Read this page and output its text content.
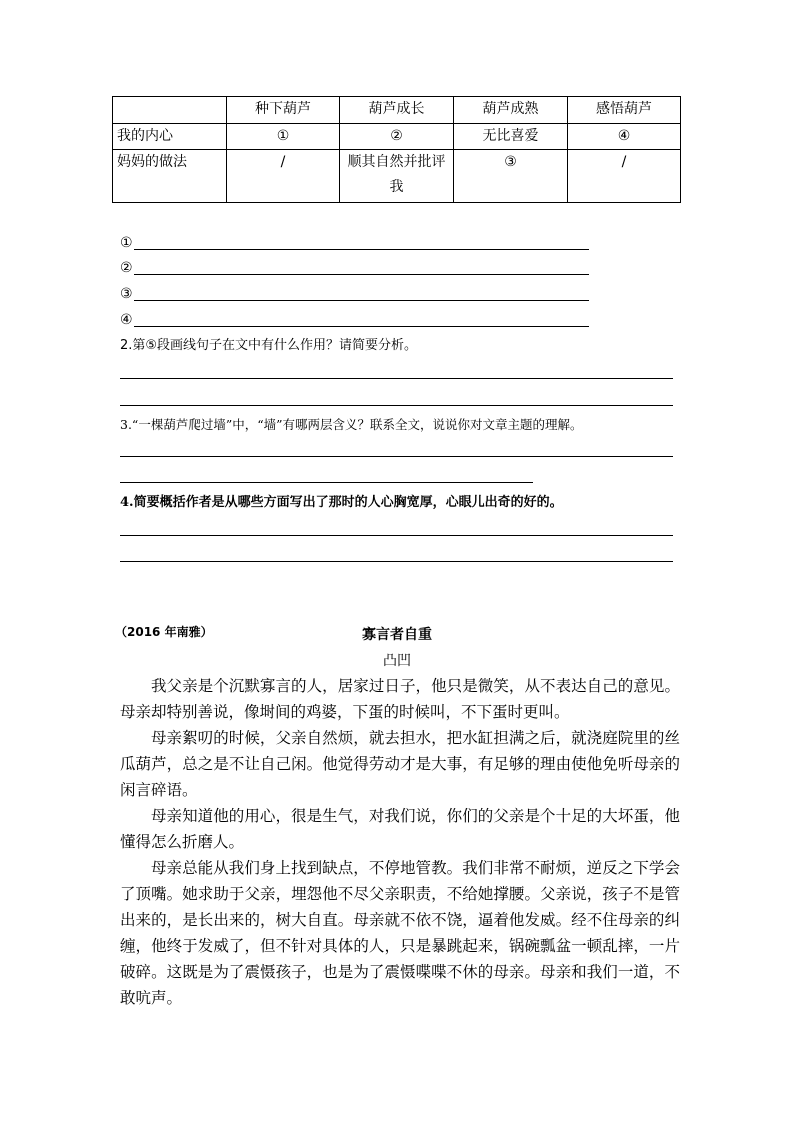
	种下葫芦	葫芦成长	葫芦成熟	感悟葫芦
我的内心	①	②	无比喜爱	④
妈妈的做法	/	顺其自然并批评我	③	/
①
②
③
④
2.第⑤段画线句子在文中有什么作用？请简要分析。
3.“一棵葫芦爬过墙”中，“墙”有哪两层含义？联系全文，说说你对文章主题的理解。
4.简要概括作者是从哪些方面写出了那时的人心胸宽厚，心眼儿出奇的好的。
（2016 年南雅）	寡言者自重
凸凹

我父亲是个沉默寡言的人，居家过日子，他只是微笑，从不表达自己的意见。母亲却特别善说，像埘间的鸡婆，下蛋的时候叫，不下蛋时更叫。

母亲絮叨的时候，父亲自然烦，就去担水，把水缸担满之后，就浇庭院里的丝瓜葫芦，总之是不让自己闲。他觉得劳动才是大事，有足够的理由使他免听母亲的闲言碎语。

母亲知道他的用心，很是生气，对我们说，你们的父亲是个十足的大坏蛋，他懂得怎么折磨人。

母亲总能从我们身上找到缺点，不停地管教。我们非常不耐烦，逆反之下学会了顶嘴。她求助于父亲，埋怨他不尽父亲职责，不给她撑腰。父亲说，孩子不是管出来的，是长出来的，树大自直。母亲就不依不饶，逼着他发威。经不住母亲的纠缠，他终于发威了，但不针对具体的人，只是暴跳起来，锅碗瓢盆一顿乱摔，一片破碎。这既是为了震慑孩子，也是为了震慑喋喋不休的母亲。母亲和我们一道，不敢吭声。
